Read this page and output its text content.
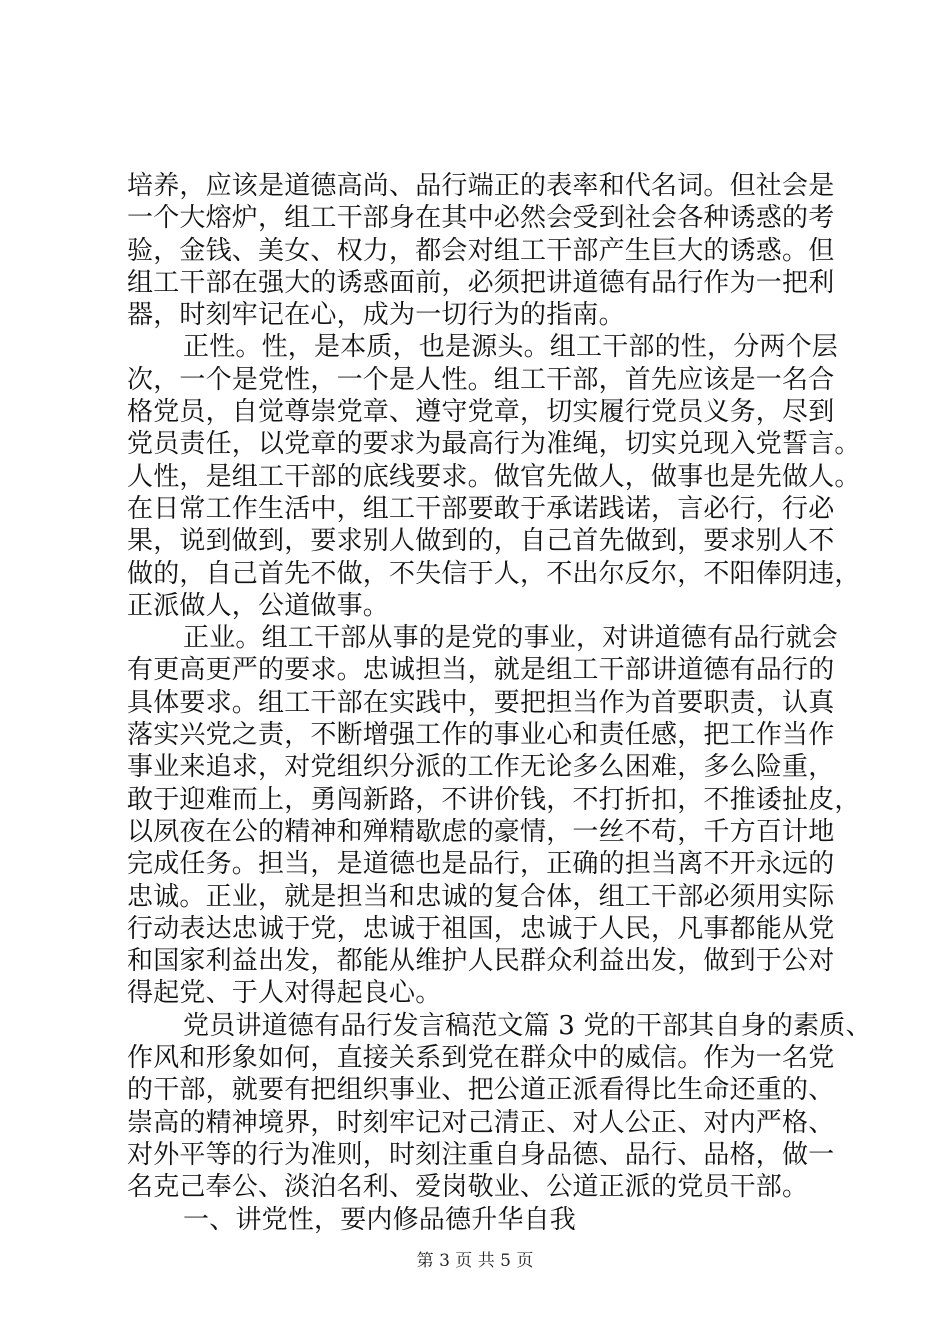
培养，应该是道德高尚、品行端正的表率和代名词。但社会是
一个大熔炉，组工干部身在其中必然会受到社会各种诱惑的考
验，金钱、美女、权力，都会对组工干部产生巨大的诱惑。但
组工干部在强大的诱惑面前，必须把讲道德有品行作为一把利
器，时刻牢记在心，成为一切行为的指南。
正性。性，是本质，也是源头。组工干部的性，分两个层
次，一个是党性，一个是人性。组工干部，首先应该是一名合
格党员，自觉尊崇党章、遵守党章，切实履行党员义务，尽到
党员责任，以党章的要求为最高行为准绳，切实兑现入党誓言。
人性，是组工干部的底线要求。做官先做人，做事也是先做人。
在日常工作生活中，组工干部要敢于承诺践诺，言必行，行必
果，说到做到，要求别人做到的，自己首先做到，要求别人不
做的，自己首先不做，不失信于人，不出尔反尔，不阳俸阴违，
正派做人，公道做事。
正业。组工干部从事的是党的事业，对讲道德有品行就会
有更高更严的要求。忠诚担当，就是组工干部讲道德有品行的
具体要求。组工干部在实践中，要把担当作为首要职责，认真
落实兴党之责，不断增强工作的事业心和责任感，把工作当作
事业来追求，对党组织分派的工作无论多么困难，多么险重，
敢于迎难而上，勇闯新路，不讲价钱，不打折扣，不推诿扯皮，
以夙夜在公的精神和殚精歇虑的豪情，一丝不苟，千方百计地
完成任务。担当，是道德也是品行，正确的担当离不开永远的
忠诚。正业，就是担当和忠诚的复合体，组工干部必须用实际
行动表达忠诚于党，忠诚于祖国，忠诚于人民，凡事都能从党
和国家利益出发，都能从维护人民群众利益出发，做到于公对
得起党、于人对得起良心。
党员讲道德有品行发言稿范文篇 3 党的干部其自身的素质、
作风和形象如何，直接关系到党在群众中的威信。作为一名党
的干部，就要有把组织事业、把公道正派看得比生命还重的、
崇高的精神境界，时刻牢记对己清正、对人公正、对内严格、
对外平等的行为准则，时刻注重自身品德、品行、品格，做一
名克己奉公、淡泊名利、爱岗敬业、公道正派的党员干部。
一、讲党性，要内修品德升华自我
第 3 页 共 5 页
